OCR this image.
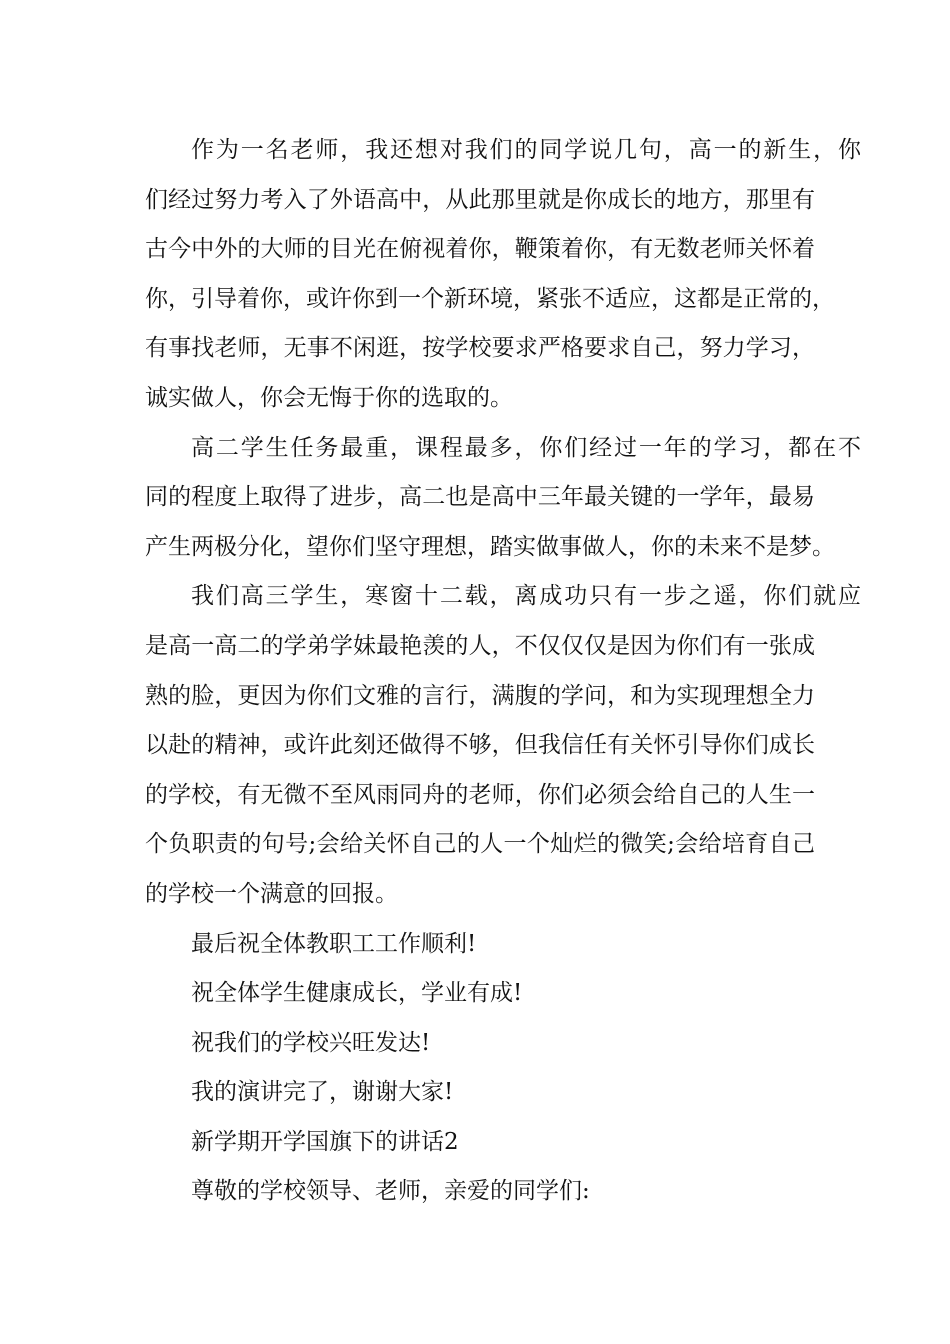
作为一名老师，我还想对我们的同学说几句，高一的新生，你
们经过努力考入了外语高中，从此那里就是你成长的地方，那里有
古今中外的大师的目光在俯视着你，鞭策着你，有无数老师关怀着
你，引导着你，或许你到一个新环境，紧张不适应，这都是正常的，
有事找老师，无事不闲逛，按学校要求严格要求自己，努力学习，
诚实做人，你会无悔于你的选取的。
高二学生任务最重，课程最多，你们经过一年的学习，都在不
同的程度上取得了进步，高二也是高中三年最关键的一学年，最易
产生两极分化，望你们坚守理想，踏实做事做人，你的未来不是梦。
我们高三学生，寒窗十二载，离成功只有一步之遥，你们就应
是高一高二的学弟学妹最艳羡的人，不仅仅仅是因为你们有一张成
熟的脸，更因为你们文雅的言行，满腹的学问，和为实现理想全力
以赴的精神，或许此刻还做得不够，但我信任有关怀引导你们成长
的学校，有无微不至风雨同舟的老师，你们必须会给自己的人生一
个负职责的句号;会给关怀自己的人一个灿烂的微笑;会给培育自己
的学校一个满意的回报。
最后祝全体教职工工作顺利!
祝全体学生健康成长，学业有成!
祝我们的学校兴旺发达!
我的演讲完了，谢谢大家!
新学期开学国旗下的讲话2
尊敬的学校领导、老师，亲爱的同学们:
